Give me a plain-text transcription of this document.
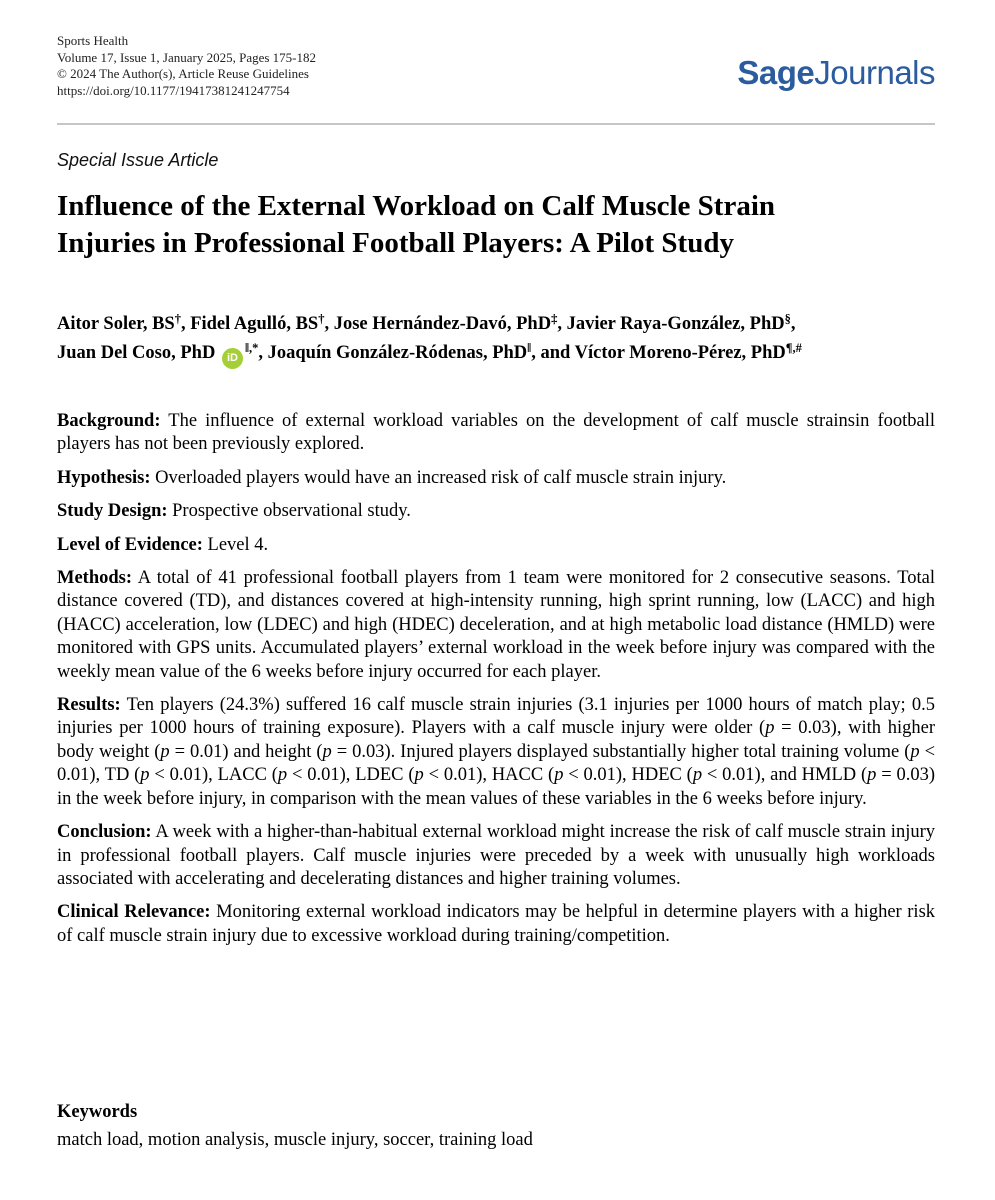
Sports Health
Volume 17, Issue 1, January 2025, Pages 175-182
© 2024 The Author(s), Article Reuse Guidelines
https://doi.org/10.1177/19417381241247754	SageJournals
Special Issue Article
Influence of the External Workload on Calf Muscle Strain
Injuries in Professional Football Players: A Pilot Study
Aitor Soler, BS†, Fidel Agulló, BS†, Jose Hernández-Davó, PhD‡, Javier Raya-González, PhD§,
Juan Del Coso, PhD iD‖,*, Joaquín González-Ródenas, PhD‖, and Víctor Moreno-Pérez, PhD¶,#

Background: The influence of external workload variables on the development of calf muscle strainsin football players has not been previously explored.

Hypothesis: Overloaded players would have an increased risk of calf muscle strain injury.

Study Design: Prospective observational study.

Level of Evidence: Level 4.

Methods: A total of 41 professional football players from 1 team were monitored for 2 consecutive seasons. Total distance covered (TD), and distances covered at high-intensity running, high sprint running, low (LACC) and high (HACC) acceleration, low (LDEC) and high (HDEC) deceleration, and at high metabolic load distance (HMLD) were monitored with GPS units. Accumulated players’ external workload in the week before injury was compared with the weekly mean value of the 6 weeks before injury occurred for each player.

Results: Ten players (24.3%) suffered 16 calf muscle strain injuries (3.1 injuries per 1000 hours of match play; 0.5 injuries per 1000 hours of training exposure). Players with a calf muscle injury were older (p = 0.03), with higher body weight (p = 0.01) and height (p = 0.03). Injured players displayed substantially higher total training volume (p < 0.01), TD (p < 0.01), LACC (p < 0.01), LDEC (p < 0.01), HACC (p < 0.01), HDEC (p < 0.01), and HMLD (p = 0.03) in the week before injury, in comparison with the mean values of these variables in the 6 weeks before injury.

Conclusion: A week with a higher-than-habitual external workload might increase the risk of calf muscle strain injury in professional football players. Calf muscle injuries were preceded by a week with unusually high workloads associated with accelerating and decelerating distances and higher training volumes.

Clinical Relevance: Monitoring external workload indicators may be helpful in determine players with a higher risk of calf muscle strain injury due to excessive workload during training/competition.

Keywords
match load, motion analysis, muscle injury, soccer, training load
